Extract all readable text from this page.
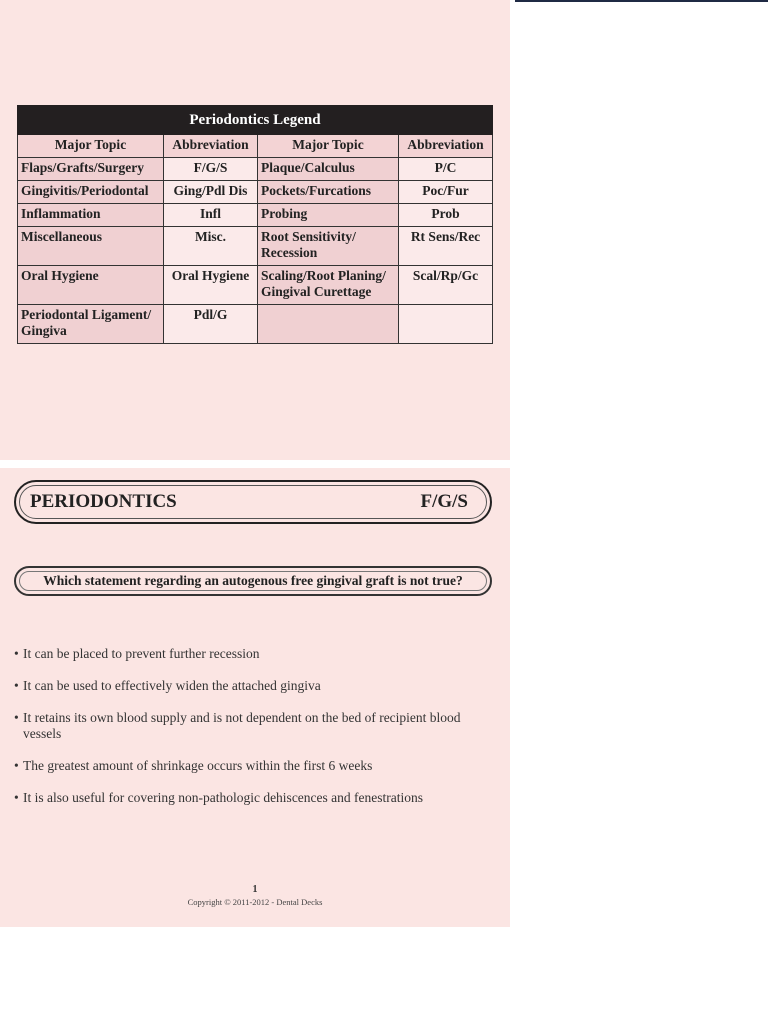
Periodontics Legend			
Major Topic	Abbreviation	Major Topic	Abbreviation
Flaps/Grafts/Surgery	F/G/S	Plaque/Calculus	P/C
Gingivitis/Periodontal	Ging/Pdl Dis	Pockets/Furcations	Poc/Fur
Inflammation	Infl	Probing	Prob
Miscellaneous	Misc.	Root Sensitivity/ Recession	Rt Sens/Rec
Oral Hygiene	Oral Hygiene	Scaling/Root Planing/ Gingival Curettage	Scal/Rp/Gc
Periodontal Ligament/ Gingiva	Pdl/G		
PERIODONTICS	F/G/S
Which statement regarding an autogenous free gingival graft is not true?
• It can be placed to prevent further recession
• It can be used to effectively widen the attached gingiva
• It retains its own blood supply and is not dependent on the bed of recipient blood vessels
• The greatest amount of shrinkage occurs within the first 6 weeks
• It is also useful for covering non-pathologic dehiscences and fenestrations
1
Copyright © 2011-2012 - Dental Decks
